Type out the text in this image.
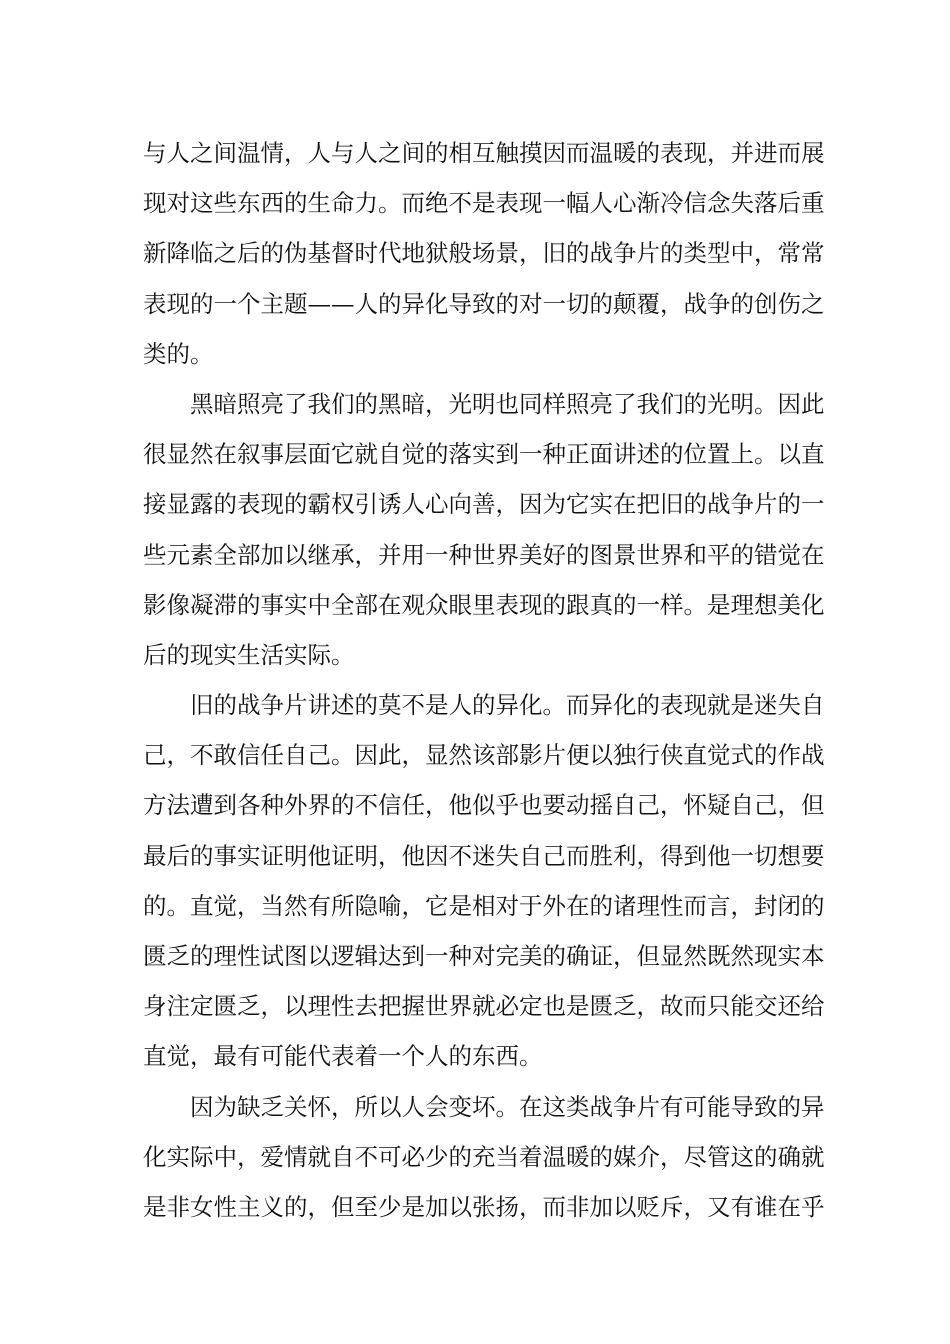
与人之间温情，人与人之间的相互触摸因而温暖的表现，并进而展
现对这些东西的生命力。而绝不是表现一幅人心渐冷信念失落后重
新降临之后的伪基督时代地狱般场景，旧的战争片的类型中，常常
表现的一个主题——人的异化导致的对一切的颠覆，战争的创伤之
类的。
黑暗照亮了我们的黑暗，光明也同样照亮了我们的光明。因此
很显然在叙事层面它就自觉的落实到一种正面讲述的位置上。以直
接显露的表现的霸权引诱人心向善，因为它实在把旧的战争片的一
些元素全部加以继承，并用一种世界美好的图景世界和平的错觉在
影像凝滞的事实中全部在观众眼里表现的跟真的一样。是理想美化
后的现实生活实际。
旧的战争片讲述的莫不是人的异化。而异化的表现就是迷失自
己，不敢信任自己。因此，显然该部影片便以独行侠直觉式的作战
方法遭到各种外界的不信任，他似乎也要动摇自己，怀疑自己，但
最后的事实证明他证明，他因不迷失自己而胜利，得到他一切想要
的。直觉，当然有所隐喻，它是相对于外在的诸理性而言，封闭的
匮乏的理性试图以逻辑达到一种对完美的确证，但显然既然现实本
身注定匮乏，以理性去把握世界就必定也是匮乏，故而只能交还给
直觉，最有可能代表着一个人的东西。
因为缺乏关怀，所以人会变坏。在这类战争片有可能导致的异
化实际中，爱情就自不可必少的充当着温暖的媒介，尽管这的确就
是非女性主义的，但至少是加以张扬，而非加以贬斥，又有谁在乎
